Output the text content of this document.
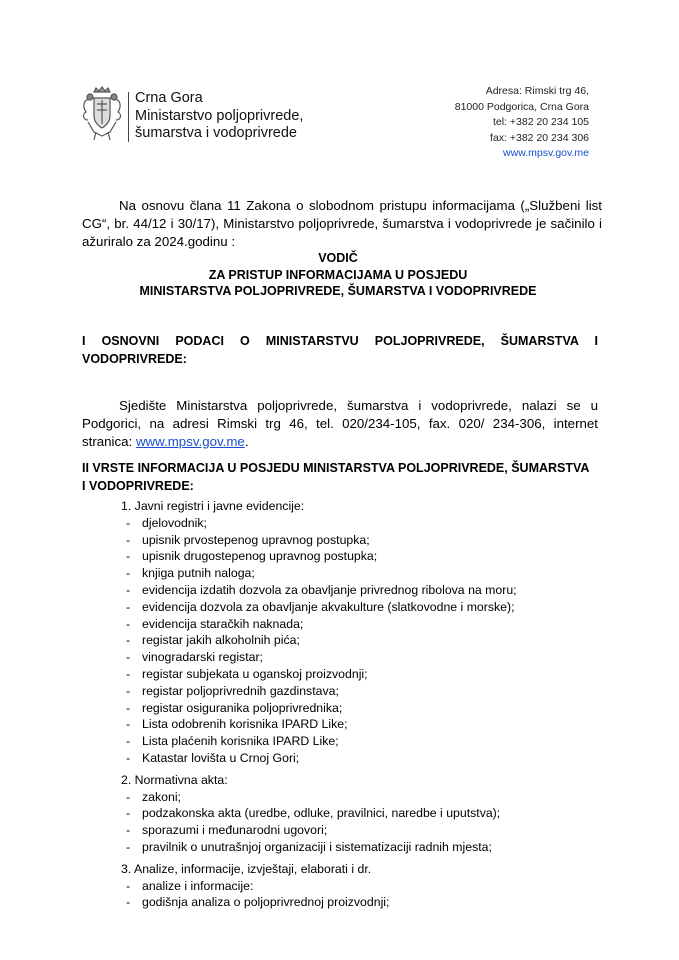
Crna Gora
Ministarstvo poljoprivrede,
šumarstva i vodoprivrede
Adresa: Rimski trg 46,
81000 Podgorica, Crna Gora
tel: +382 20 234 105
fax: +382 20 234 306
www.mpsv.gov.me

Na osnovu člana 11 Zakona o slobodnom pristupu informacijama („Službeni list CG“, br. 44/12 i 30/17), Ministarstvo poljoprivrede, šumarstva i vodoprivrede je sačinilo i ažuriralo za 2024.godinu :

VODIČ
ZA PRISTUP INFORMACIJAMA U POSJEDU
MINISTARSTVA POLJOPRIVREDE, ŠUMARSTVA I VODOPRIVREDE
I OSNOVNI PODACI O MINISTARSTVU POLJOPRIVREDE, ŠUMARSTVA I
VODOPRIVREDE:

Sjedište Ministarstva poljoprivrede, šumarstva i vodoprivrede, nalazi se u Podgorici, na adresi Rimski trg 46, tel. 020/234-105, fax. 020/ 234-306, internet stranica: www.mpsv.gov.me.

II VRSTE INFORMACIJA U POSJEDU MINISTARSTVA POLJOPRIVREDE, ŠUMARSTVA
I VODOPRIVREDE:
1. Javni registri i javne evidencije:
- djelovodnik;
- upisnik prvostepenog upravnog postupka;
- upisnik drugostepenog upravnog postupka;
- knjiga putnih naloga;
- evidencija izdatih dozvola za obavljanje privrednog ribolova na moru;
- evidencija dozvola za obavljanje akvakulture (slatkovodne i morske);
- evidencija staračkih naknada;
- registar jakih alkoholnih pića;
- vinogradarski registar;
- registar subjekata u oganskoj proizvodnji;
- registar poljoprivrednih gazdinstava;
- registar osiguranika poljoprivrednika;
- Lista odobrenih korisnika IPARD Like;
- Lista plaćenih korisnika IPARD Like;
- Katastar lovišta u Crnoj Gori;
2. Normativna akta:
- zakoni;
- podzakonska akta (uredbe, odluke, pravilnici, naredbe i uputstva);
- sporazumi i međunarodni ugovori;
- pravilnik o unutrašnjoj organizaciji i sistematizaciji radnih mjesta;
3. Analize, informacije, izvještaji, elaborati i dr.
- analize i informacije:
- godišnja analiza o poljoprivrednoj proizvodnji;
